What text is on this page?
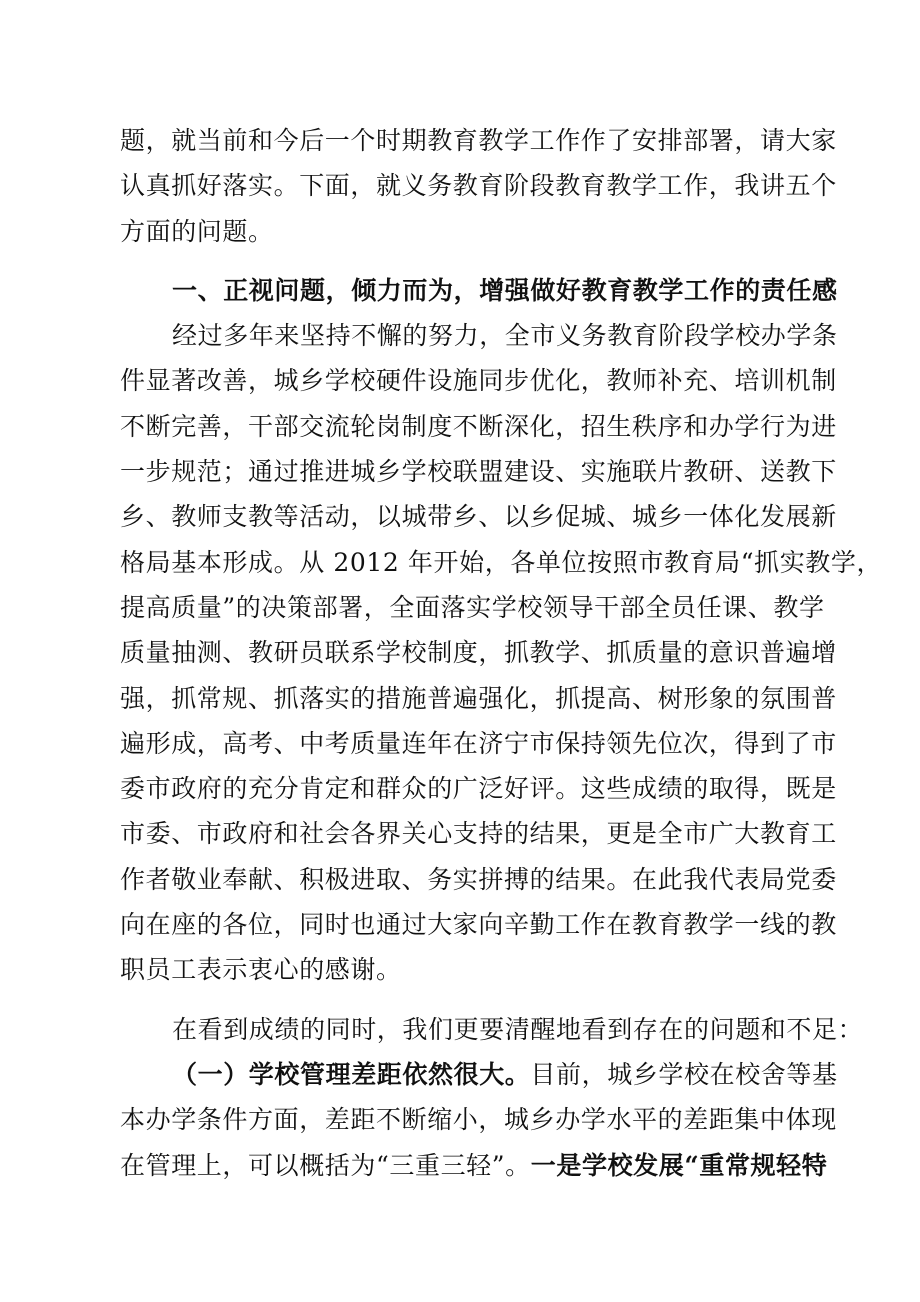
题，就当前和今后一个时期教育教学工作作了安排部署，请大家
认真抓好落实。下面，就义务教育阶段教育教学工作，我讲五个
方面的问题。
一、正视问题，倾力而为，增强做好教育教学工作的责任感
经过多年来坚持不懈的努力，全市义务教育阶段学校办学条
件显著改善，城乡学校硬件设施同步优化，教师补充、培训机制
不断完善，干部交流轮岗制度不断深化，招生秩序和办学行为进
一步规范；通过推进城乡学校联盟建设、实施联片教研、送教下
乡、教师支教等活动，以城带乡、以乡促城、城乡一体化发展新
格局基本形成。从 2012 年开始，各单位按照市教育局“抓实教学，
提高质量”的决策部署，全面落实学校领导干部全员任课、教学
质量抽测、教研员联系学校制度，抓教学、抓质量的意识普遍增
强，抓常规、抓落实的措施普遍强化，抓提高、树形象的氛围普
遍形成，高考、中考质量连年在济宁市保持领先位次，得到了市
委市政府的充分肯定和群众的广泛好评。这些成绩的取得，既是
市委、市政府和社会各界关心支持的结果，更是全市广大教育工
作者敬业奉献、积极进取、务实拼搏的结果。在此我代表局党委
向在座的各位，同时也通过大家向辛勤工作在教育教学一线的教
职员工表示衷心的感谢。
在看到成绩的同时，我们更要清醒地看到存在的问题和不足：
（一）学校管理差距依然很大。目前，城乡学校在校舍等基
本办学条件方面，差距不断缩小，城乡办学水平的差距集中体现
在管理上，可以概括为“三重三轻”。一是学校发展“重常规轻特
